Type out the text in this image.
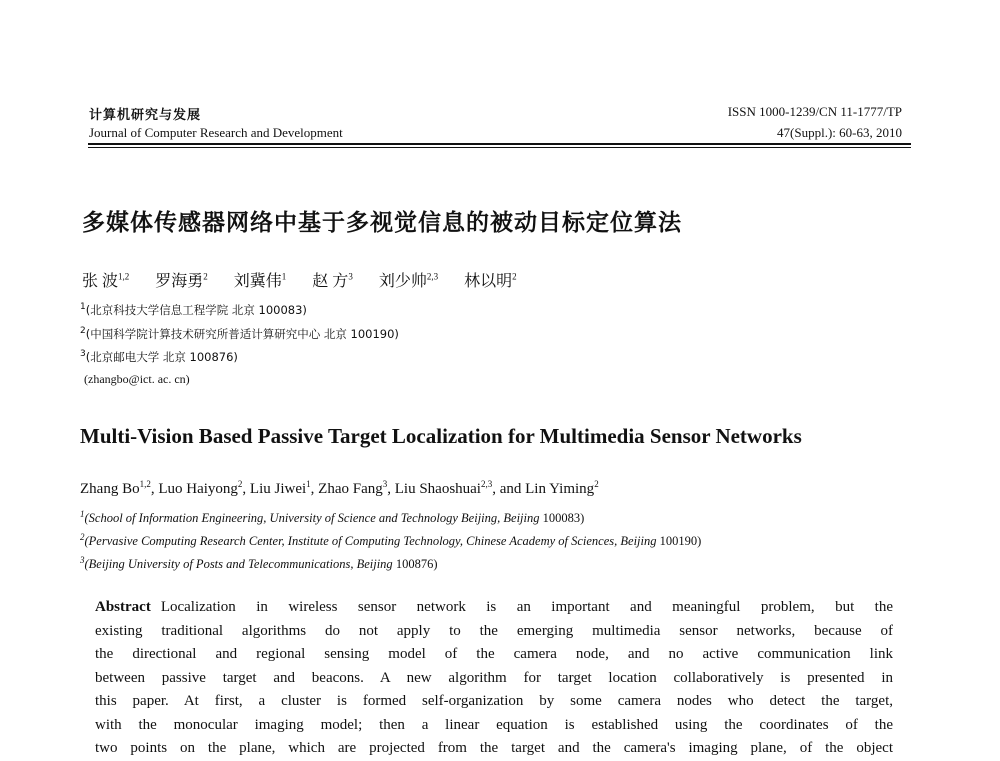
计算机研究与发展
Journal of Computer Research and Development
ISSN 1000-1239/CN 11-1777/TP
47(Suppl.): 60-63, 2010
多媒体传感器网络中基于多视觉信息的被动目标定位算法
张 波$^{1,2}$ 罗海勇$^2$ 刘冀伟$^1$ 赵 方$^3$ 刘少帅$^{2,3}$ 林以明$^2$
$^1$(北京科技大学信息工程学院 北京 100083)
$^2$(中国科学院计算技术研究所普适计算研究中心 北京 100190)
$^3$(北京邮电大学 北京 100876)
(zhangbo@ict. ac. cn)
Multi-Vision Based Passive Target Localization for Multimedia Sensor Networks
Zhang Bo$^{1,2}$, Luo Haiyong$^2$, Liu Jiwei$^1$, Zhao Fang$^3$, Liu Shaoshuai$^{2,3}$, and Lin Yiming$^2$
$^1$(School of Information Engineering, University of Science and Technology Beijing, Beijing 100083)
$^2$(Pervasive Computing Research Center, Institute of Computing Technology, Chinese Academy of Sciences, Beijing 100190)
$^3$(Beijing University of Posts and Telecommunications, Beijing 100876)
Abstract Localization in wireless sensor network is an important and meaningful problem, but the
existing traditional algorithms do not apply to the emerging multimedia sensor networks, because of
the directional and regional sensing model of the camera node, and no active communication link
between passive target and beacons. A new algorithm for target location collaboratively is presented in
this paper. At first, a cluster is formed self-organization by some camera nodes who detect the target,
with the monocular imaging model; then a linear equation is established using the coordinates of the
two points on the plane, which are projected from the target and the camera's imaging plane, of the object
